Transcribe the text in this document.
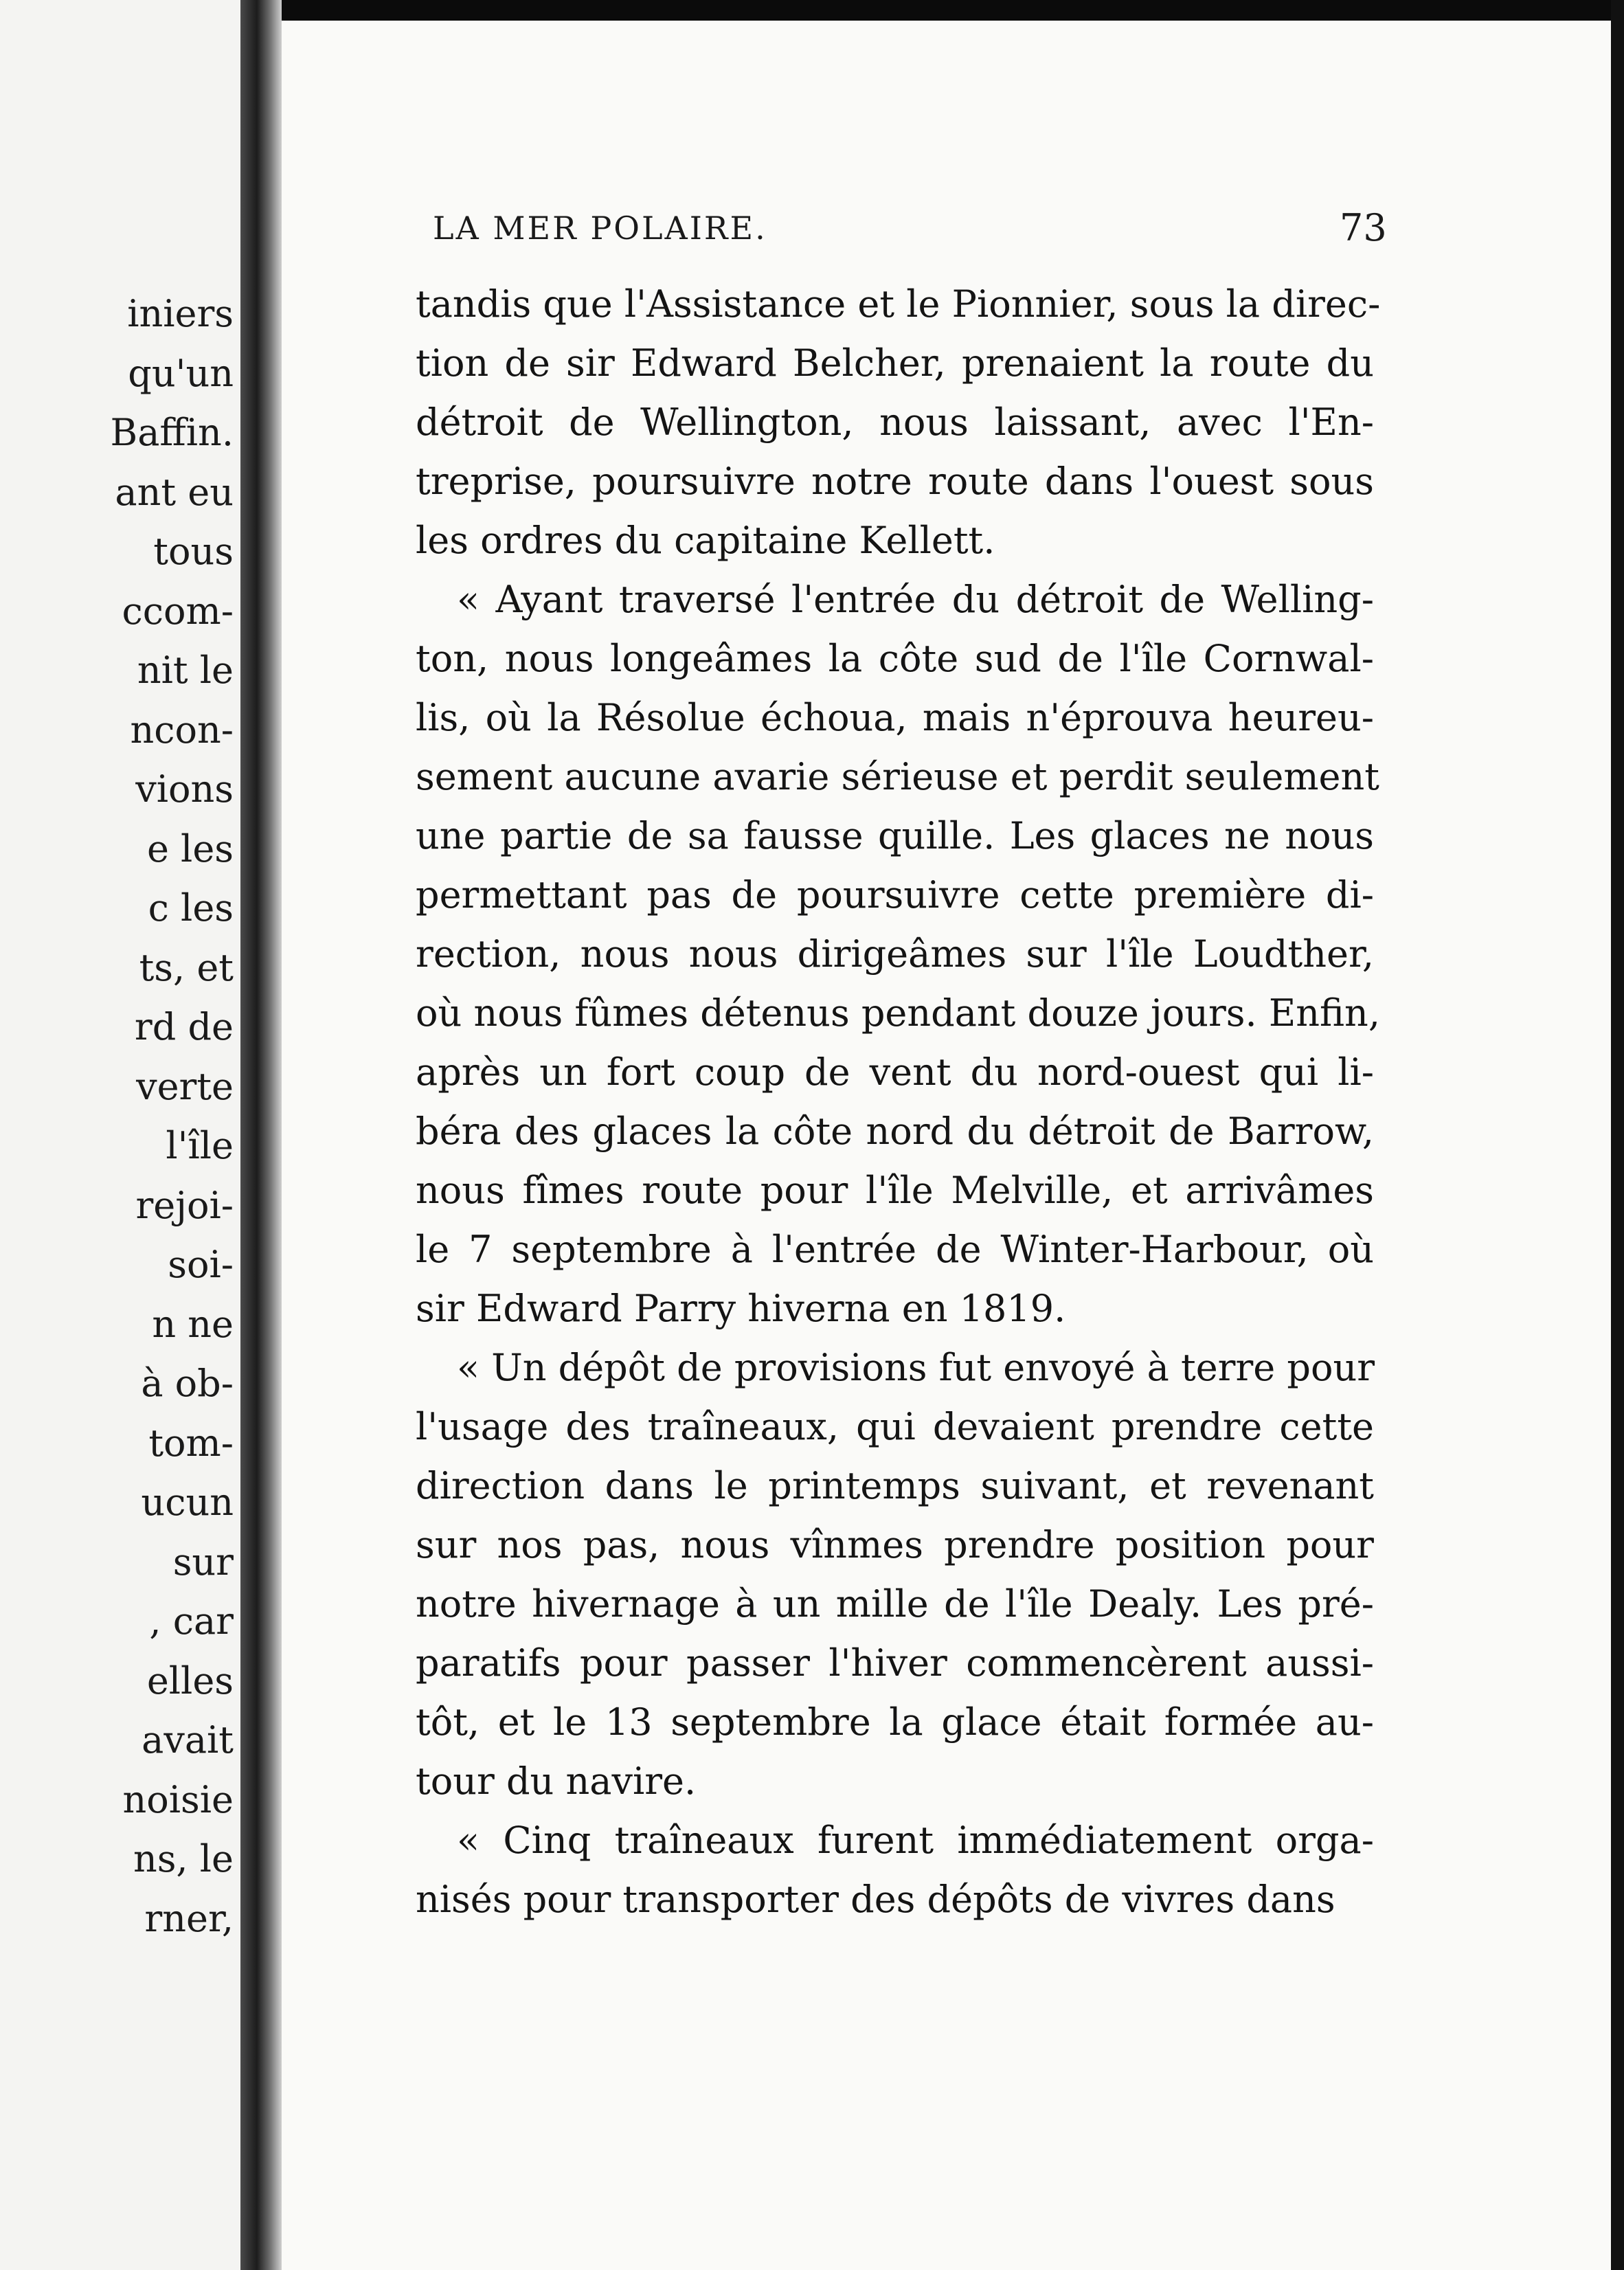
iniers
qu'un
Baffin.
ant eu
tous
ccom-
nit le
ncon-
vions
e les
c les
ts, et
rd de
verte
l'île
rejoi-
soi-
n ne
à ob-
tom-
ucun
sur
, car
elles
avait
noisie
ns, le
rner,
LA MER POLAIRE.	73
tandis que l'Assistance et le Pionnier, sous la direc-
tion de sir Edward Belcher, prenaient la route du
détroit de Wellington, nous laissant, avec l'En-
treprise, poursuivre notre route dans l'ouest sous
les ordres du capitaine Kellett.
« Ayant traversé l'entrée du détroit de Welling-
ton, nous longeâmes la côte sud de l'île Cornwal-
lis, où la Résolue échoua, mais n'éprouva heureu-
sement aucune avarie sérieuse et perdit seulement
une partie de sa fausse quille. Les glaces ne nous
permettant pas de poursuivre cette première di-
rection, nous nous dirigeâmes sur l'île Loudther,
où nous fûmes détenus pendant douze jours. Enfin,
après un fort coup de vent du nord-ouest qui li-
béra des glaces la côte nord du détroit de Barrow,
nous fîmes route pour l'île Melville, et arrivâmes
le 7 septembre à l'entrée de Winter-Harbour, où
sir Edward Parry hiverna en 1819.
« Un dépôt de provisions fut envoyé à terre pour
l'usage des traîneaux, qui devaient prendre cette
direction dans le printemps suivant, et revenant
sur nos pas, nous vînmes prendre position pour
notre hivernage à un mille de l'île Dealy. Les pré-
paratifs pour passer l'hiver commencèrent aussi-
tôt, et le 13 septembre la glace était formée au-
tour du navire.
« Cinq traîneaux furent immédiatement orga-
nisés pour transporter des dépôts de vivres dans
